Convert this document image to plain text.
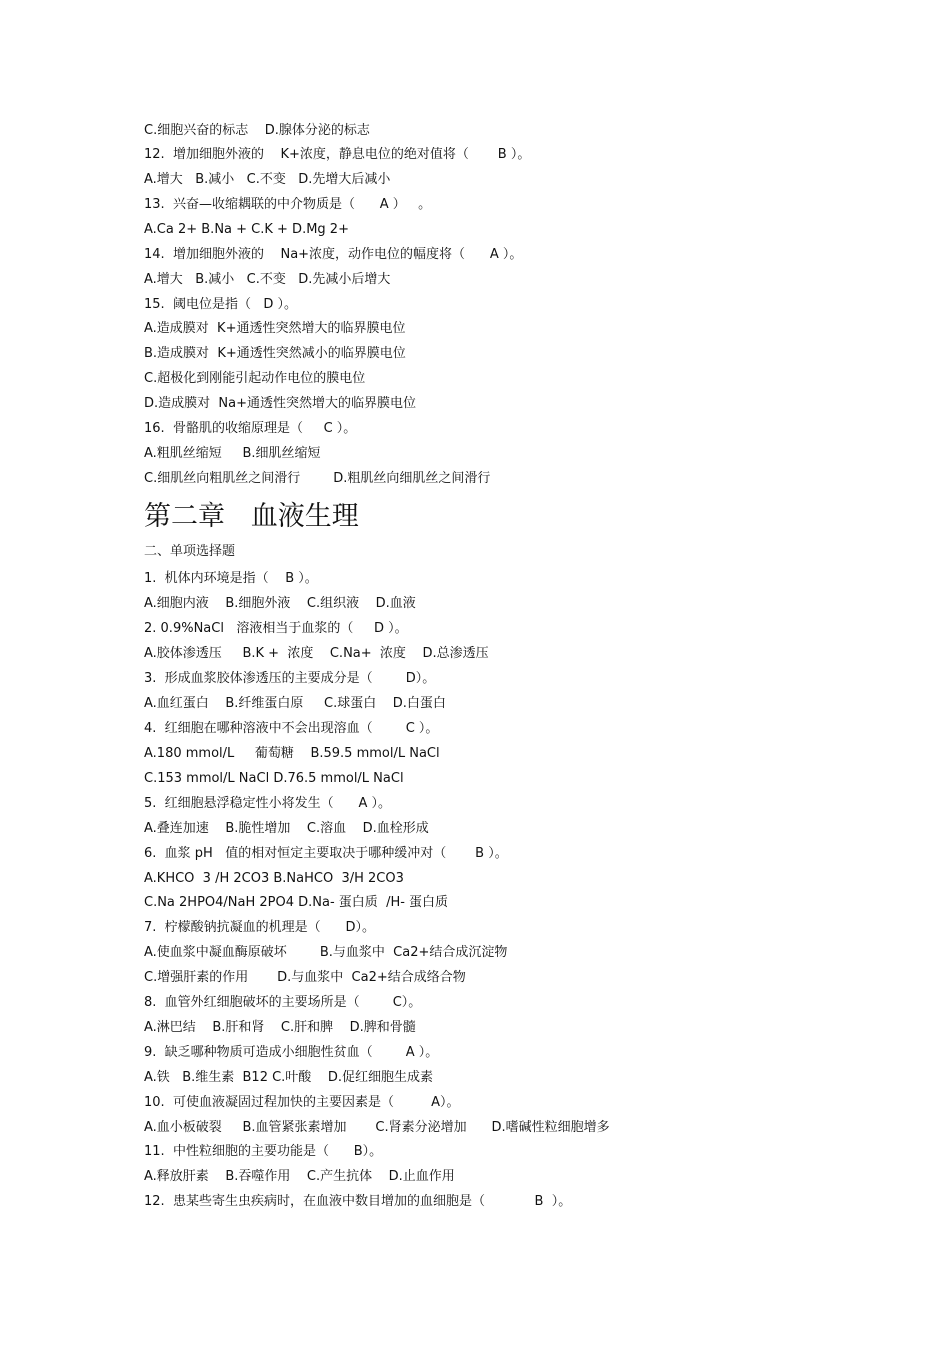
C.细胞兴奋的标志    D.腺体分泌的标志
12.  增加细胞外液的    K+浓度，静息电位的绝对值将（       B ）。
A.增大   B.减小   C.不变   D.先增大后减小
13.  兴奋—收缩耦联的中介物质是（      A ）   。
A.Ca 2+ B.Na + C.K + D.Mg 2+
14.  增加细胞外液的    Na+浓度，动作电位的幅度将（      A ）。
A.增大   B.减小   C.不变   D.先减小后增大
15.  阈电位是指（   D ）。
A.造成膜对  K+通透性突然增大的临界膜电位
B.造成膜对  K+通透性突然减小的临界膜电位
C.超极化到刚能引起动作电位的膜电位
D.造成膜对  Na+通透性突然增大的临界膜电位
16.  骨骼肌的收缩原理是（     C ）。
A.粗肌丝缩短     B.细肌丝缩短
C.细肌丝向粗肌丝之间滑行        D.粗肌丝向细肌丝之间滑行
第二章   血液生理
二、单项选择题
1.  机体内环境是指（    B ）。
A.细胞内液    B.细胞外液    C.组织液    D.血液
2. 0.9%NaCl   溶液相当于血浆的（     D ）。
A.胶体渗透压     B.K +  浓度    C.Na+  浓度    D.总渗透压
3.  形成血浆胶体渗透压的主要成分是（        D）。
A.血红蛋白    B.纤维蛋白原     C.球蛋白    D.白蛋白
4.  红细胞在哪种溶液中不会出现溶血（        C ）。
A.180 mmol/L     葡萄糖    B.59.5 mmol/L NaCl
C.153 mmol/L NaCl D.76.5 mmol/L NaCl
5.  红细胞悬浮稳定性小将发生（      A ）。
A.叠连加速    B.脆性增加    C.溶血    D.血栓形成
6.  血浆 pH   值的相对恒定主要取决于哪种缓冲对（       B ）。
A.KHCO  3 /H 2CO3 B.NaHCO  3/H 2CO3
C.Na 2HPO4/NaH 2PO4 D.Na- 蛋白质  /H- 蛋白质
7.  柠檬酸钠抗凝血的机理是（      D）。
A.使血浆中凝血酶原破坏        B.与血浆中  Ca2+结合成沉淀物
C.增强肝素的作用       D.与血浆中  Ca2+结合成络合物
8.  血管外红细胞破坏的主要场所是（        C）。
A.淋巴结    B.肝和肾    C.肝和脾    D.脾和骨髓
9.  缺乏哪种物质可造成小细胞性贫血（        A ）。
A.铁   B.维生素  B12 C.叶酸    D.促红细胞生成素
10.  可使血液凝固过程加快的主要因素是（         A）。
A.血小板破裂     B.血管紧张素增加       C.肾素分泌增加      D.嗜碱性粒细胞增多
11.  中性粒细胞的主要功能是（      B）。
A.释放肝素    B.吞噬作用    C.产生抗体    D.止血作用
12.  患某些寄生虫疾病时，在血液中数目增加的血细胞是（            B  ）。
